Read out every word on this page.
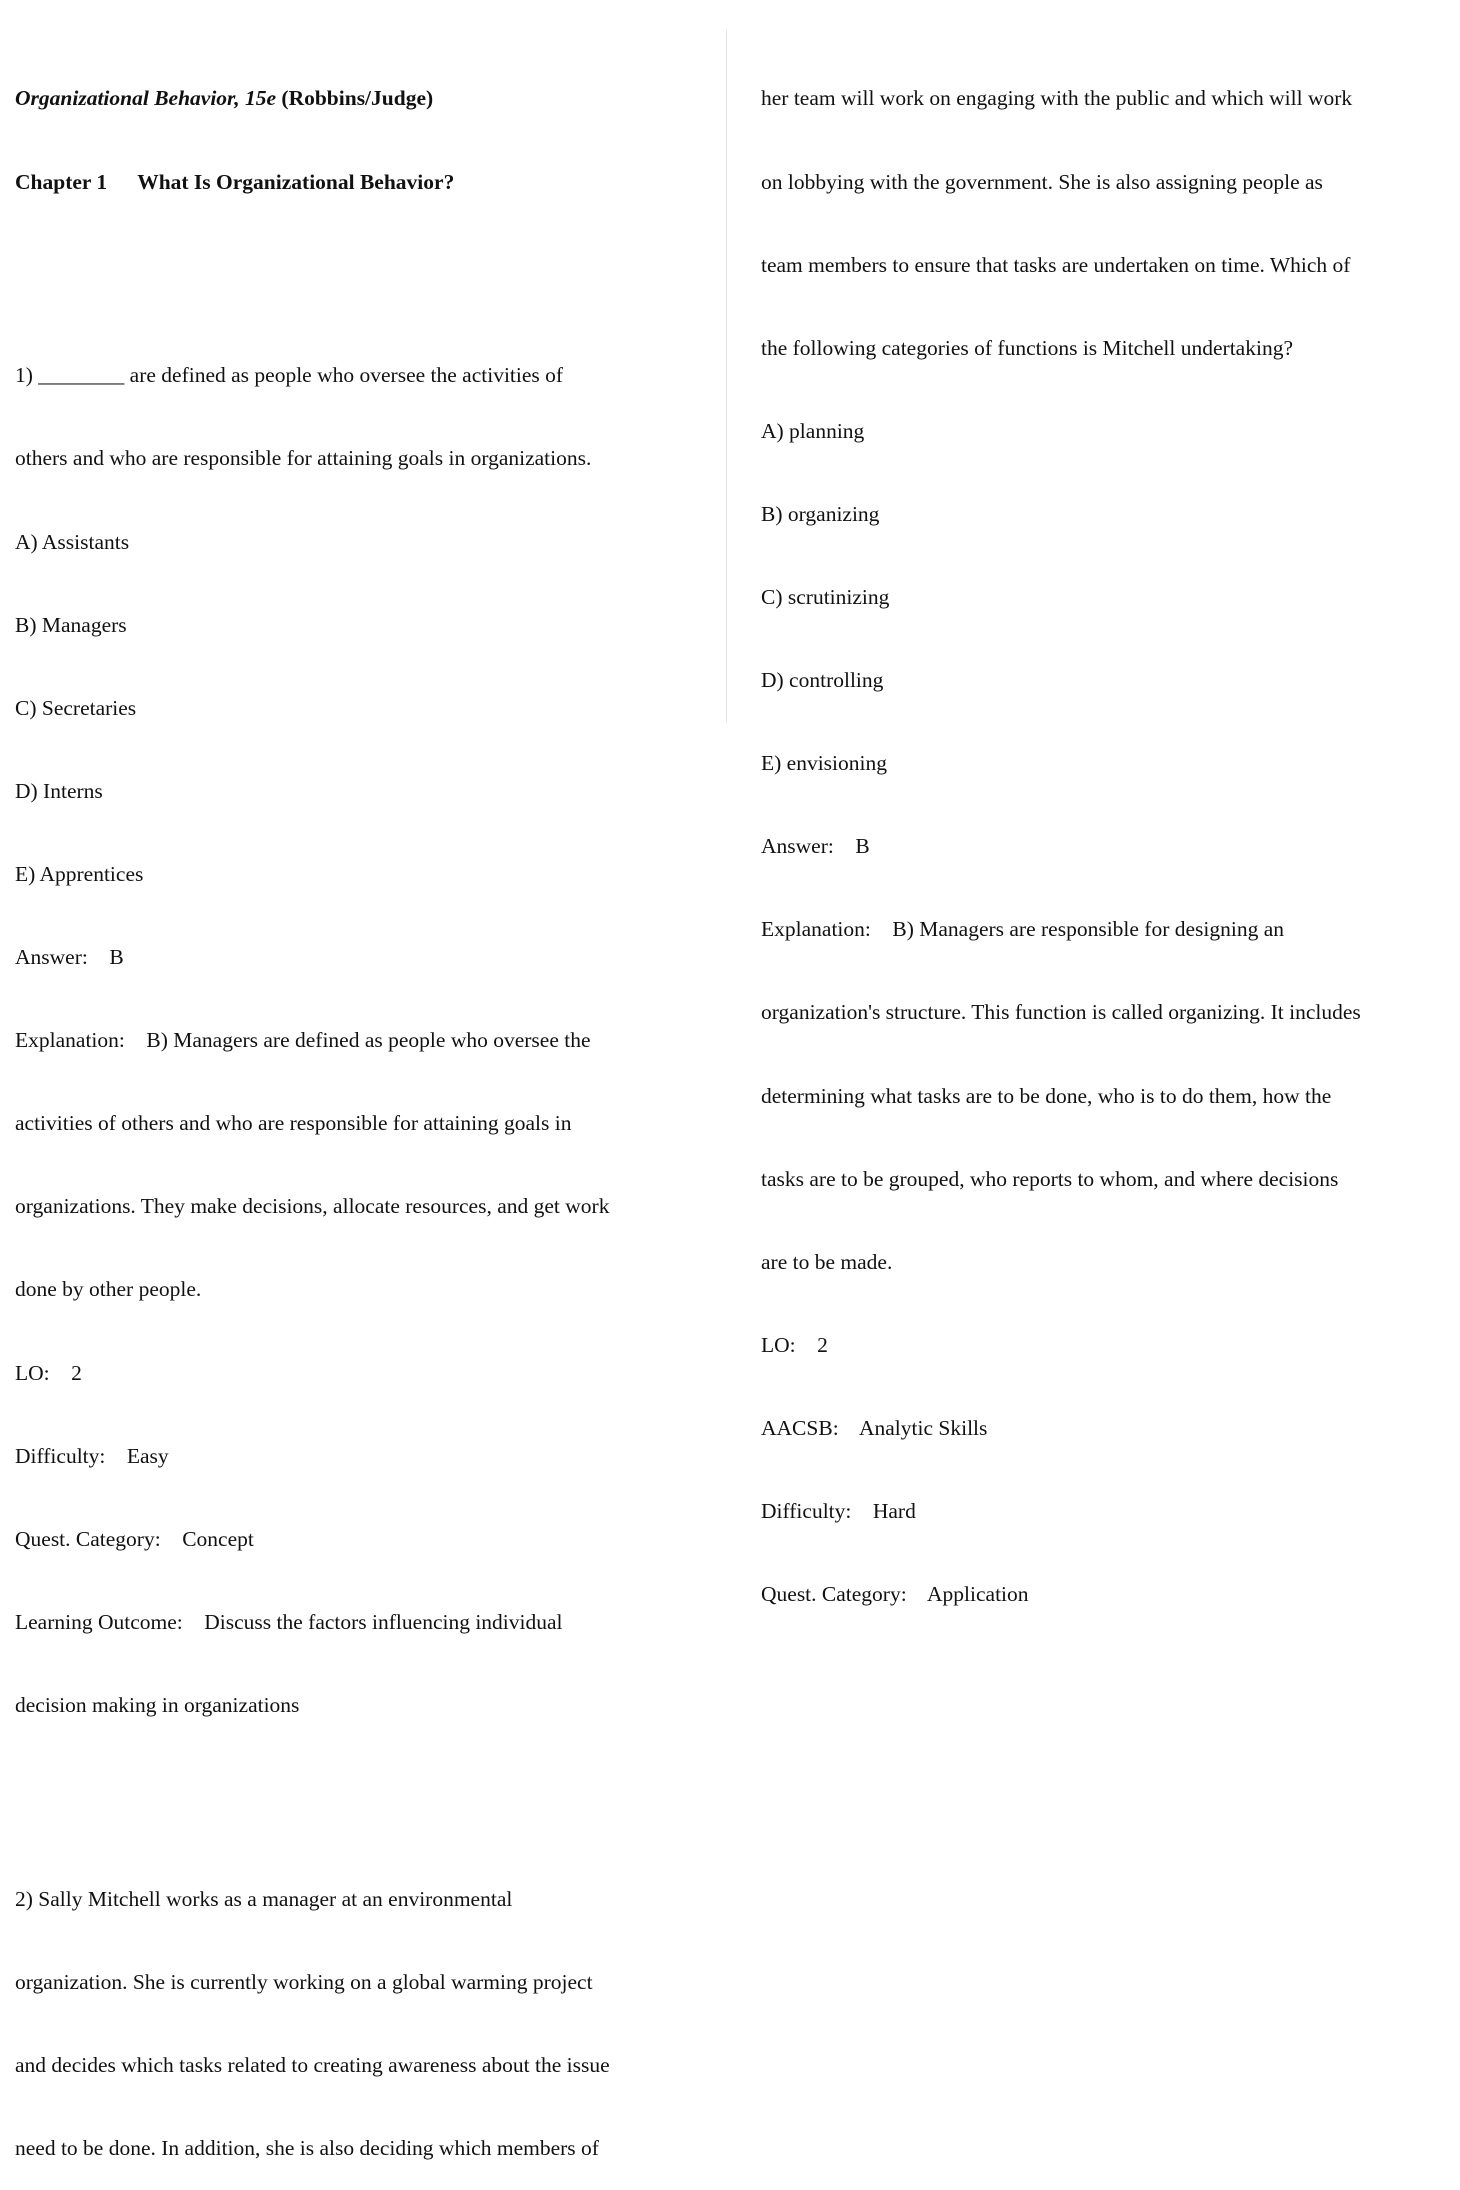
Organizational Behavior, 15e (Robbins/Judge)

Chapter 1 What Is Organizational Behavior?

1) ________ are defined as people who oversee the activities of

others and who are responsible for attaining goals in organizations.

A) Assistants

B) Managers

C) Secretaries

D) Interns

E) Apprentices

Answer:    B

Explanation:    B) Managers are defined as people who oversee the

activities of others and who are responsible for attaining goals in

organizations. They make decisions, allocate resources, and get work

done by other people.

LO:    2

Difficulty:    Easy

Quest. Category:    Concept

Learning Outcome:    Discuss the factors influencing individual

decision making in organizations

2) Sally Mitchell works as a manager at an environmental

organization. She is currently working on a global warming project

and decides which tasks related to creating awareness about the issue

need to be done. In addition, she is also deciding which members of

her team will work on engaging with the public and which will work

on lobbying with the government. She is also assigning people as

team members to ensure that tasks are undertaken on time. Which of

the following categories of functions is Mitchell undertaking?

A) planning

B) organizing

C) scrutinizing

D) controlling

E) envisioning

Answer:    B

Explanation:    B) Managers are responsible for designing an

organization's structure. This function is called organizing. It includes

determining what tasks are to be done, who is to do them, how the

tasks are to be grouped, who reports to whom, and where decisions

are to be made.

LO:    2

AACSB:    Analytic Skills

Difficulty:    Hard

Quest. Category:    Application
